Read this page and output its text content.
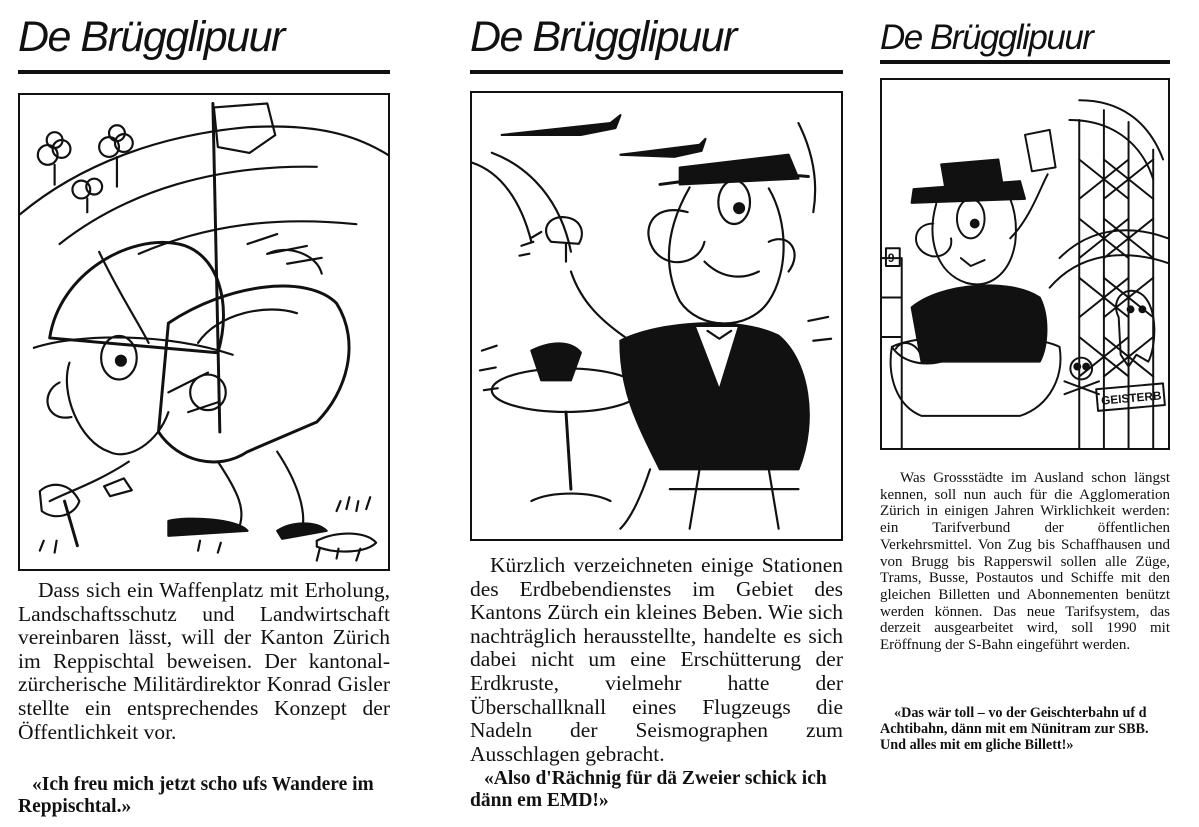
De Brügglipuur

Dass sich ein Waffenplatz mit Erholung, Landschaftsschutz und Landwirtschaft vereinbaren lässt, will der Kanton Zürich im Reppischtal beweisen. Der kantonal-zürcherische Militärdirektor Konrad Gisler stellte ein entsprechendes Konzept der Öffentlichkeit vor.

«Ich freu mich jetzt scho ufs Wandere im Reppischtal.»

De Brügglipuur

Kürzlich verzeichneten einige Stationen des Erdbebendienstes im Gebiet des Kantons Zürch ein kleines Beben. Wie sich nachträglich herausstellte, handelte es sich dabei nicht um eine Erschütterung der Erdkruste, vielmehr hatte der Überschallknall eines Flugzeugs die Nadeln der Seismographen zum Ausschlagen gebracht.

«Also d'Rächnig für dä Zweier schick ich dänn em EMD!»

De Brügglipuur
GEISTERB
9

Was Grossstädte im Ausland schon längst kennen, soll nun auch für die Agglomeration Zürich in einigen Jahren Wirklichkeit werden: ein Tarifverbund der öffentlichen Verkehrsmittel. Von Zug bis Schaffhausen und von Brugg bis Rapperswil sollen alle Züge, Trams, Busse, Postautos und Schiffe mit den gleichen Billetten und Abonnementen benützt werden können. Das neue Tarifsystem, das derzeit ausgearbeitet wird, soll 1990 mit Eröffnung der S-Bahn eingeführt werden.

«Das wär toll – vo der Geischterbahn uf d Achtibahn, dänn mit em Nünitram zur SBB. Und alles mit em gliche Billett!»
